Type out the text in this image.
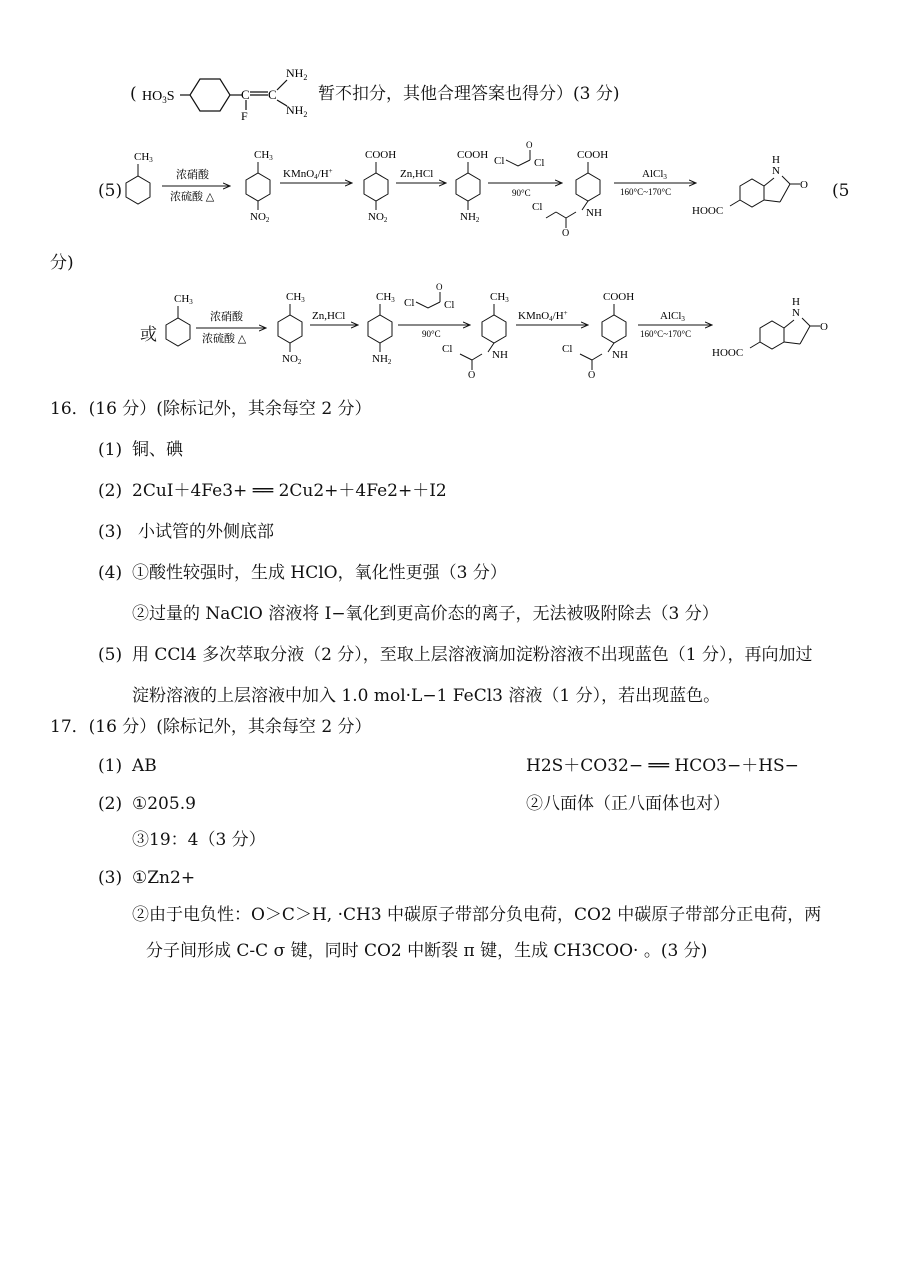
( $HO_3S$	C C
F
$NH_2$
$NH_2$
暂不扣分，其他合理答案也得分）(3 分)
(5)	(5
分)
CH3
浓硝酸
浓硫酸 △
CH3
NO2
KMnO4/H+
COOH
NO2
Zn,HCl
COOH
NH2
Cl
O
Cl
90°C
COOH
NH
O
Cl
AlCl3
160°C~170°C
N
H
O
HOOC
或
CH3
浓硝酸
浓硫酸 △
CH3
NO2
Zn,HCl
CH3
NH2
Cl
O
Cl
90°C
CH3
NH
O
Cl
KMnO4/H+
COOH
NH
O
Cl
AlCl3
160°C~170°C
N
H
O
HOOC
16．(16 分）(除标记外，其余每空 2 分）
(1) 铜、碘
(2) 2CuI＋4Fe3+ ══ 2Cu2+＋4Fe2+＋I2
(3) 小试管的外侧底部
(4) ①酸性较强时，生成 HClO，氧化性更强（3 分）
②过量的 NaClO 溶液将 I−氧化到更高价态的离子，无法被吸附除去（3 分）
(5) 用 CCl4 多次萃取分液（2 分），至取上层溶液滴加淀粉溶液不出现蓝色（1 分），再向加过
淀粉溶液的上层溶液中加入 1.0 mol·L−1 FeCl3 溶液（1 分），若出现蓝色。
17．(16 分）(除标记外，其余每空 2 分）
(1) AB	H2S＋CO32− ══ HCO3−＋HS−
(2) ①205.9	②八面体（正八面体也对）
③19：4（3 分）
(3) ①Zn2+
②由于电负性：O＞C＞H, ·CH3 中碳原子带部分负电荷，CO2 中碳原子带部分正电荷，两
分子间形成 C-C σ 键，同时 CO2 中断裂 π 键，生成 CH3COO· 。(3 分)
